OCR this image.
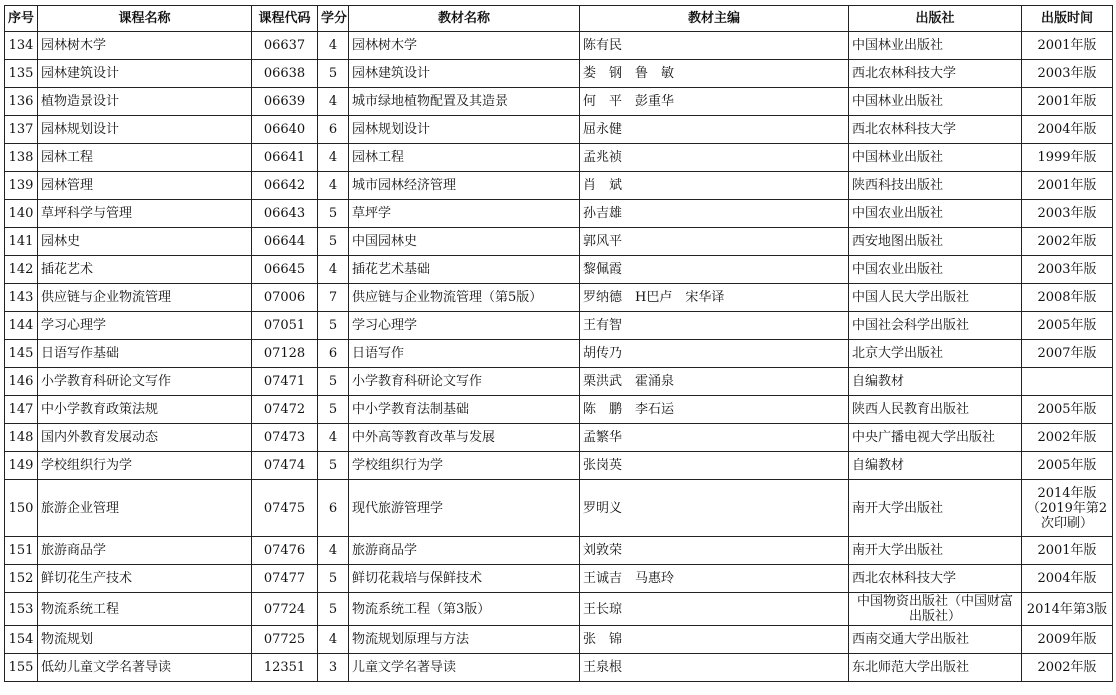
序号	课程名称	课程代码	学分	教材名称	教材主编	出版社	出版时间
134	园林树木学	06637	4	园林树木学	陈有民	中国林业出版社	2001年版
135	园林建筑设计	06638	5	园林建筑设计	娄　钢　鲁　敏	西北农林科技大学	2003年版
136	植物造景设计	06639	4	城市绿地植物配置及其造景	何　平　彭重华	中国林业出版社	2001年版
137	园林规划设计	06640	6	园林规划设计	屈永健	西北农林科技大学	2004年版
138	园林工程	06641	4	园林工程	孟兆祯	中国林业出版社	1999年版
139	园林管理	06642	4	城市园林经济管理	肖　斌	陕西科技出版社	2001年版
140	草坪科学与管理	06643	5	草坪学	孙吉雄	中国农业出版社	2003年版
141	园林史	06644	5	中国园林史	郭风平	西安地图出版社	2002年版
142	插花艺术	06645	4	插花艺术基础	黎佩霞	中国农业出版社	2003年版
143	供应链与企业物流管理	07006	7	供应链与企业物流管理（第5版）	罗纳德　H巴卢　宋华译	中国人民大学出版社	2008年版
144	学习心理学	07051	5	学习心理学	王有智	中国社会科学出版社	2005年版
145	日语写作基础	07128	6	日语写作	胡传乃	北京大学出版社	2007年版
146	小学教育科研论文写作	07471	5	小学教育科研论文写作	栗洪武　霍涌泉	自编教材	
147	中小学教育政策法规	07472	5	中小学教育法制基础	陈　鹏　李石运	陕西人民教育出版社	2005年版
148	国内外教育发展动态	07473	4	中外高等教育改革与发展	孟繁华	中央广播电视大学出版社	2002年版
149	学校组织行为学	07474	5	学校组织行为学	张岗英	自编教材	2005年版
150	旅游企业管理	07475	6	现代旅游管理学	罗明义	南开大学出版社	2014年版（2019年第2次印刷）
151	旅游商品学	07476	4	旅游商品学	刘敦荣	南开大学出版社	2001年版
152	鲜切花生产技术	07477	5	鲜切花栽培与保鲜技术	王诚吉　马惠玲	西北农林科技大学	2004年版
153	物流系统工程	07724	5	物流系统工程（第3版）	王长琼	中国物资出版社（中国财富出版社）	2014年第3版
154	物流规划	07725	4	物流规划原理与方法	张　锦	西南交通大学出版社	2009年版
155	低幼儿童文学名著导读	12351	3	儿童文学名著导读	王泉根	东北师范大学出版社	2002年版
